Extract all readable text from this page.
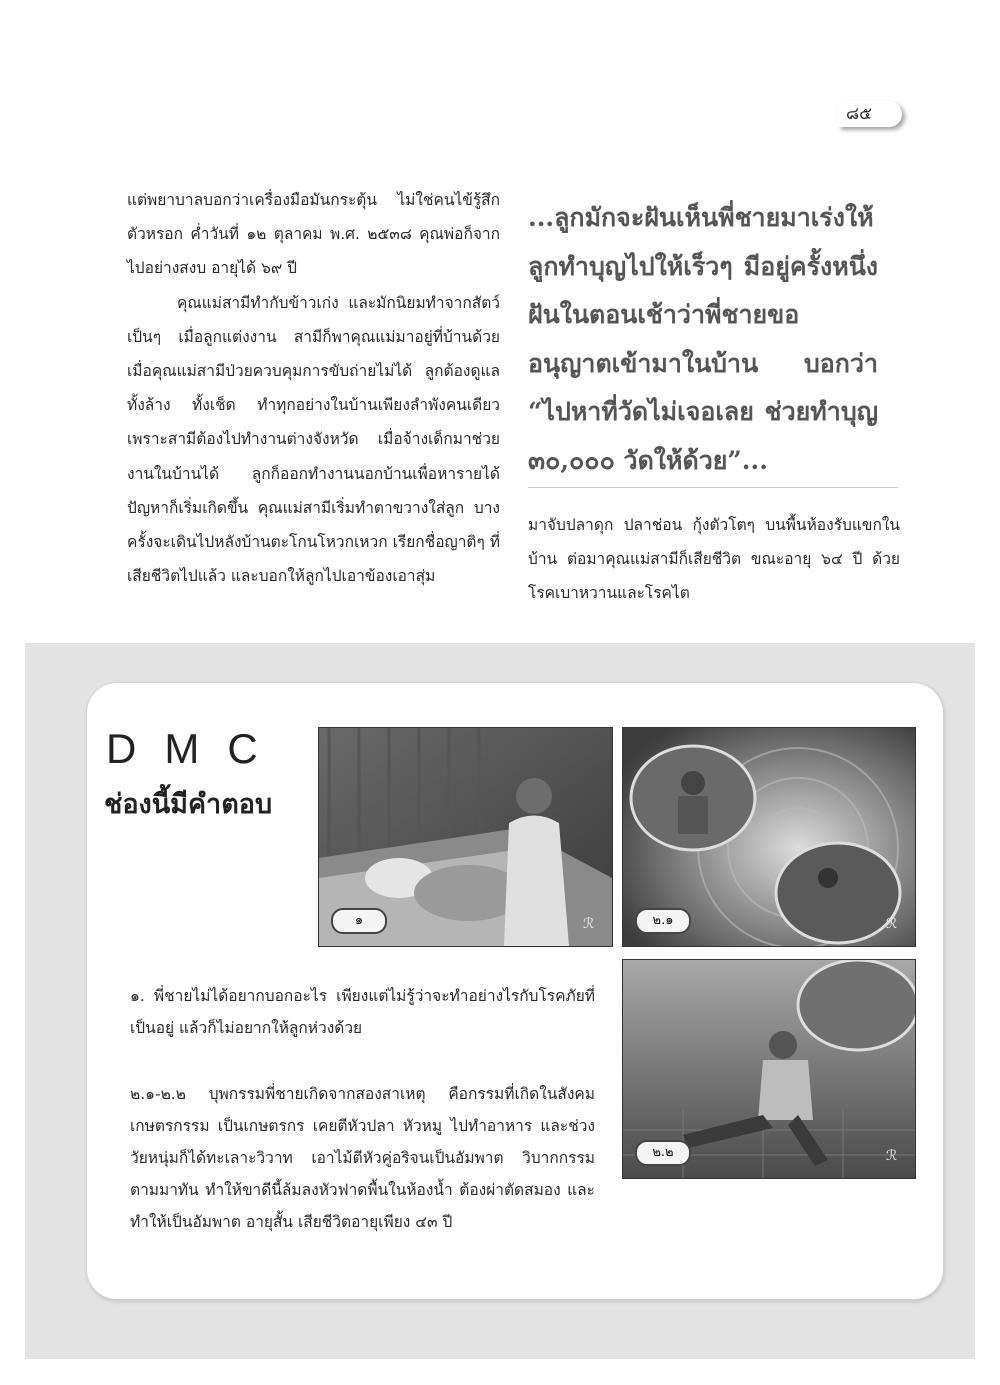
๘๕

แต่พยาบาลบอกว่าเครื่องมือมันกระตุ้น ไม่ใช่คนไข้รู้สึกตัวหรอก ค่ำวันที่ ๑๒ ตุลาคม พ.ศ. ๒๕๓๘ คุณพ่อก็จากไปอย่างสงบ อายุได้ ๖๙ ปี

คุณแม่สามีทำกับข้าวเก่ง และมักนิยมทำจากสัตว์เป็นๆ เมื่อลูกแต่งงาน สามีก็พาคุณแม่มาอยู่ที่บ้านด้วย เมื่อคุณแม่สามีป่วยควบคุมการขับถ่ายไม่ได้ ลูกต้องดูแล ทั้งล้าง ทั้งเช็ด ทำทุกอย่างในบ้านเพียงลำพังคนเดียว เพราะสามีต้องไปทำงานต่างจังหวัด เมื่อจ้างเด็กมาช่วยงานในบ้านได้ ลูกก็ออกทำงานนอกบ้านเพื่อหารายได้ ปัญหาก็เริ่มเกิดขึ้น คุณแม่สามีเริ่มทำตาขวางใส่ลูก บางครั้งจะเดินไปหลังบ้านตะโกนโหวกเหวก เรียกชื่อญาติๆ ที่เสียชีวิตไปแล้ว และบอกให้ลูกไปเอาข้องเอาสุ่ม

...ลูกมักจะฝันเห็นพี่ชายมาเร่งให้ลูกทำบุญไปให้เร็วๆ มีอยู่ครั้งหนึ่งฝันในตอนเช้าว่าพี่ชายขออนุญาตเข้ามาในบ้าน บอกว่า “ไปหาที่วัดไม่เจอเลย ช่วยทำบุญ ๓๐,๐๐๐ วัดให้ด้วย”...
มาจับปลาดุก ปลาช่อน กุ้งตัวโตๆ บนพื้นห้องรับแขกในบ้าน ต่อมาคุณแม่สามีก็เสียชีวิต ขณะอายุ ๖๔ ปี ด้วยโรคเบาหวานและโรคไต
DMC
ช่องนี้มีคำตอบ
๑	ℛ	๒.๑	ℛ
๒.๒	ℛ

๑. พี่ชายไม่ได้อยากบอกอะไร เพียงแต่ไม่รู้ว่าจะทำอย่างไรกับโรคภัยที่เป็นอยู่ แล้วก็ไม่อยากให้ลูกห่วงด้วย

๒.๑-๒.๒ บุพกรรมพี่ชายเกิดจากสองสาเหตุ คือกรรมที่เกิดในสังคมเกษตรกรรม เป็นเกษตรกร เคยตีหัวปลา หัวหมู ไปทำอาหาร และช่วงวัยหนุ่มก็ได้ทะเลาะวิวาท เอาไม้ตีหัวคู่อริจนเป็นอัมพาต วิบากกรรมตามมาทัน ทำให้ขาดีนี้ล้มลงหัวฟาดพื้นในห้องน้ำ ต้องผ่าตัดสมอง และทำให้เป็นอัมพาต อายุสั้น เสียชีวิตอายุเพียง ๔๓ ปี
